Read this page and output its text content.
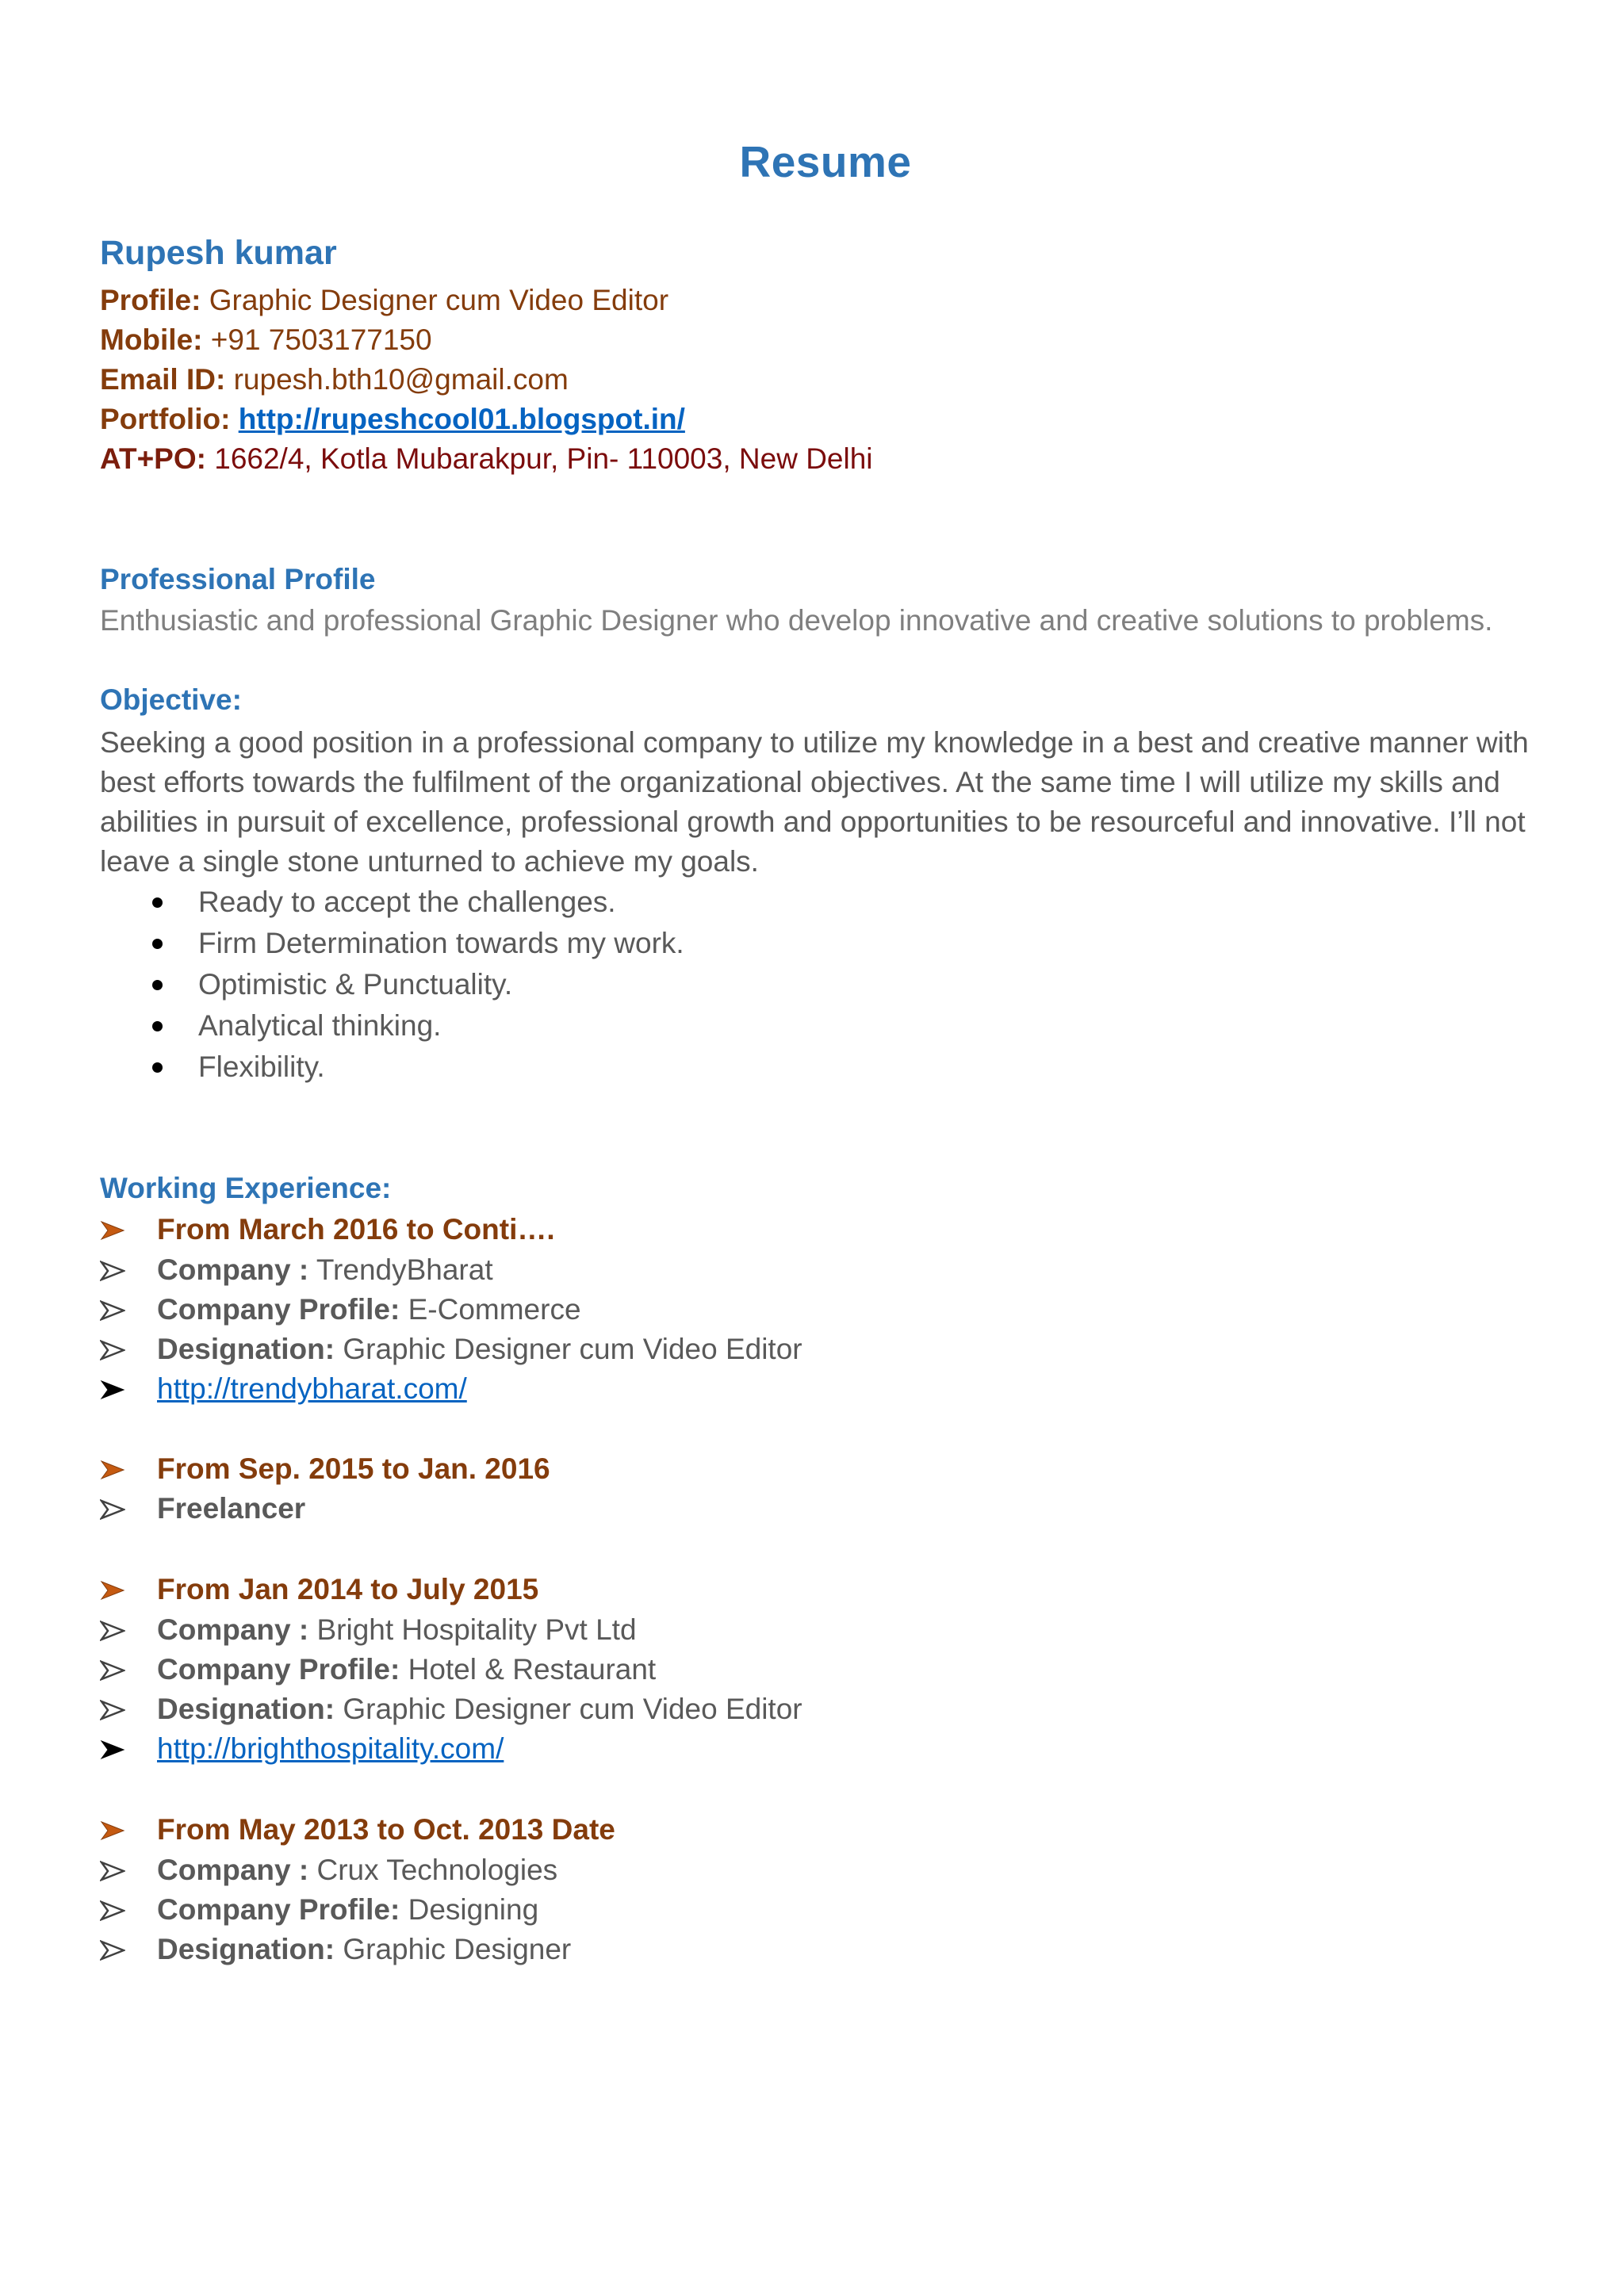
Resume
Rupesh kumar
Profile: Graphic Designer cum Video Editor
Mobile: +91 7503177150
Email ID: rupesh.bth10@gmail.com
Portfolio: http://rupeshcool01.blogspot.in/
AT+PO: 1662/4, Kotla Mubarakpur, Pin- 110003, New Delhi
Professional Profile
Enthusiastic and professional Graphic Designer who develop innovative and creative solutions to problems.
Objective:
Seeking a good position in a professional company to utilize my knowledge in a best and creative manner with best efforts towards the fulfilment of the organizational objectives. At the same time I will utilize my skills and abilities in pursuit of excellence, professional growth and opportunities to be resourceful and innovative. I’ll not leave a single stone unturned to achieve my goals.
Ready to accept the challenges.
Firm Determination towards my work.
Optimistic & Punctuality.
Analytical thinking.
Flexibility.
Working Experience:
From March 2016 to Conti….
Company : TrendyBharat
Company Profile: E-Commerce
Designation: Graphic Designer cum Video Editor
http://trendybharat.com/
From Sep. 2015 to Jan. 2016
Freelancer
From Jan 2014 to July 2015
Company : Bright Hospitality Pvt Ltd
Company Profile: Hotel & Restaurant
Designation: Graphic Designer cum Video Editor
http://brighthospitality.com/
From May 2013 to Oct. 2013 Date
Company : Crux Technologies
Company Profile: Designing
Designation: Graphic Designer
